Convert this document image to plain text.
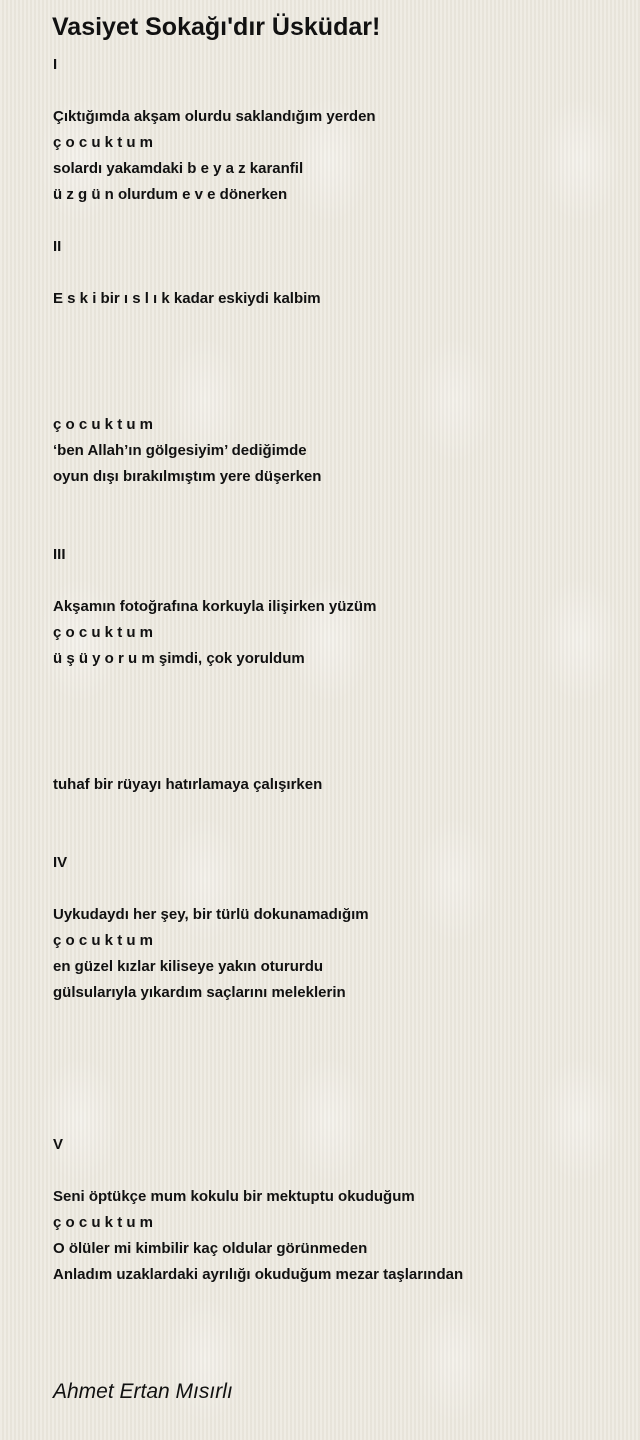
Vasiyet Sokağı'dır Üsküdar!
I
Çıktığımda akşam olurdu saklandığım yerden
ç o c u k t u m
solardı yakamdaki b e y a z karanfil
ü z g ü n olurdum e v e dönerken
II
E s k i bir ı s l ı k kadar eskiydi kalbim
ç o c u k t u m
‘ben Allah’ın gölgesiyim’ dediğimde
oyun dışı bırakılmıştım yere düşerken
III
Akşamın fotoğrafına korkuyla ilişirken yüzüm
ç o c u k t u m
ü ş ü y o r u m şimdi, çok yoruldum
tuhaf bir rüyayı hatırlamaya çalışırken
IV
Uykudaydı her şey, bir türlü dokunamadığım
ç o c u k t u m
en güzel kızlar kiliseye yakın otururdu
gülsularıyla yıkardım saçlarını meleklerin
V
Seni öptükçe mum kokulu bir mektuptu okuduğum
ç o c u k t u m
O ölüler mi kimbilir kaç oldular görünmeden
Anladım uzaklardaki ayrılığı okuduğum mezar taşlarından
Ahmet Ertan Mısırlı
